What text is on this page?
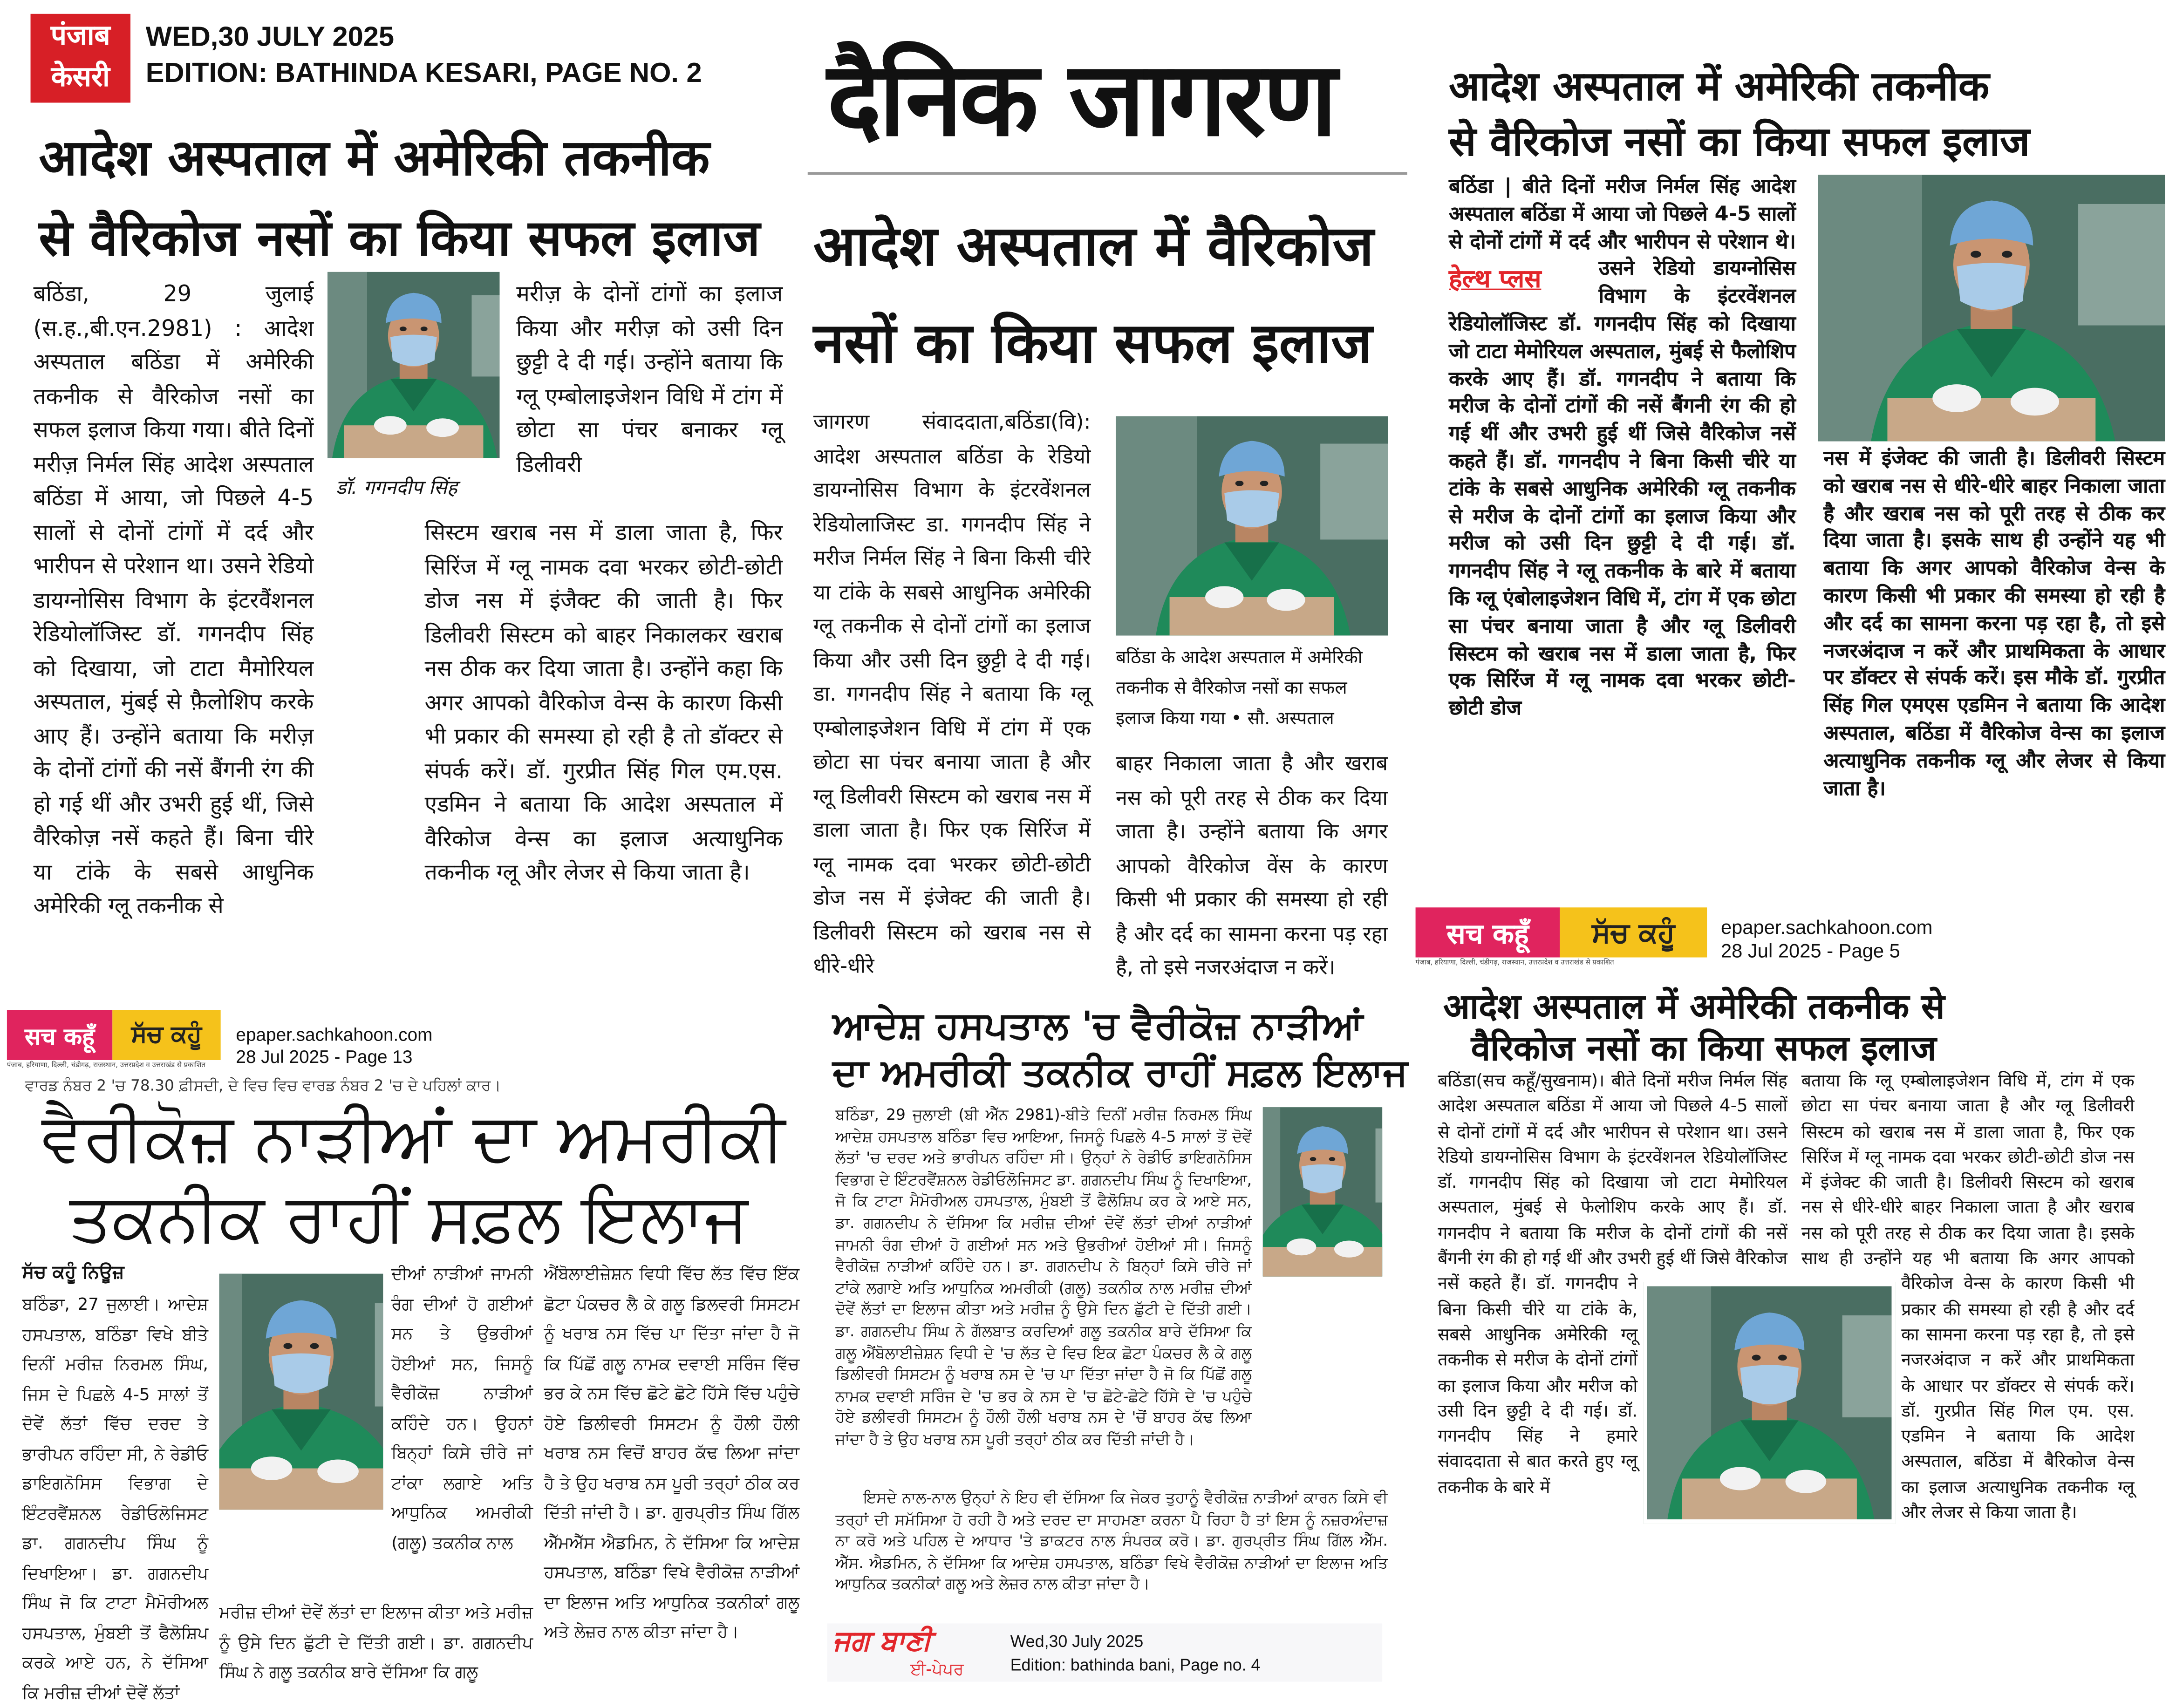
पंजाब
केसरी
WED,30 JULY 2025
EDITION: BATHINDA KESARI, PAGE NO. 2
आदेश अस्पताल में अमेरिकी तकनीक
से वैरिकोज नसों का किया सफल इलाज
बठिंडा, 29 जुलाई (स.ह.,बी.एन.2981) : आदेश अस्पताल बठिंडा में अमेरिकी तकनीक से वैरिकोज नसों का सफल इलाज किया गया। बीते दिनों मरीज़ निर्मल सिंह आदेश अस्पताल बठिंडा में आया, जो पिछले 4-5 सालों से दोनों टांगों में दर्द और भारीपन से परेशान था। उसने रेडियो डायग्नोसिस विभाग के इंटरवैंशनल रेडियोलॉजिस्ट डॉ. गगनदीप सिंह को दिखाया, जो टाटा मैमोरियल अस्पताल, मुंबई से फ़ैलोशिप करके आए हैं। उन्होंने बताया कि मरीज़ के दोनों टांगों की नसें बैंगनी रंग की हो गई थीं और उभरी हुई थीं, जिसे वैरिकोज़ नसें कहते हैं। बिना चीरे या टांके के सबसे आधुनिक अमेरिकी ग्लू तकनीक से
डॉ. गगनदीप सिंह
मरीज़ के दोनों टांगों का इलाज किया और मरीज़ को उसी दिन छुट्टी दे दी गई। उन्होंने बताया कि ग्लू एम्बोलाइजेशन विधि में टांग में छोटा सा पंचर बनाकर ग्लू डिलीवरी
सिस्टम खराब नस में डाला जाता है, फिर सिरिंज में ग्लू नामक दवा भरकर छोटी-छोटी डोज नस में इंजैक्ट की जाती है। फिर डिलीवरी सिस्टम को बाहर निकालकर खराब नस ठीक कर दिया जाता है। उन्होंने कहा कि अगर आपको वैरिकोज वेन्स के कारण किसी भी प्रकार की समस्या हो रही है तो डॉक्टर से संपर्क करें। डॉ. गुरप्रीत सिंह गिल एम.एस. एडमिन ने बताया कि आदेश अस्पताल में वैरिकोज वेन्स का इलाज अत्याधुनिक तकनीक ग्लू और लेजर से किया जाता है।
दैनिक जागरण
आदेश अस्पताल में वैरिकोज
नसों का किया सफल इलाज
जागरण संवाददाता,बठिंडा(वि): आदेश अस्पताल बठिंडा के रेडियो डायग्नोसिस विभाग के इंटरवेंशनल रेडियोलाजिस्ट डा. गगनदीप सिंह ने मरीज निर्मल सिंह ने बिना किसी चीरे या टांके के सबसे आधुनिक अमेरिकी ग्लू तकनीक से दोनों टांगों का इलाज किया और उसी दिन छुट्टी दे दी गई। डा. गगनदीप सिंह ने बताया कि ग्लू एम्बोलाइजेशन विधि में टांग में एक छोटा सा पंचर बनाया जाता है और ग्लू डिलीवरी सिस्टम को खराब नस में डाला जाता है। फिर एक सिरिंज में ग्लू नामक दवा भरकर छोटी-छोटी डोज नस में इंजेक्ट की जाती है। डिलीवरी सिस्टम को खराब नस से धीरे-धीरे
बठिंडा के आदेश अस्पताल में अमेरिकी तकनीक से वैरिकोज नसों का सफल इलाज किया गया • सौ. अस्पताल
बाहर निकाला जाता है और खराब नस को पूरी तरह से ठीक कर दिया जाता है। उन्होंने बताया कि अगर आपको वैरिकोज वेंस के कारण किसी भी प्रकार की समस्या हो रही है और दर्द का सामना करना पड़ रहा है, तो इसे नजरअंदाज न करें।
आदेश अस्पताल में अमेरिकी तकनीक
से वैरिकोज नसों का किया सफल इलाज
हेल्थ प्लस
बठिंडा | बीते दिनों मरीज निर्मल सिंह आदेश अस्पताल बठिंडा में आया जो पिछले 4-5 सालों से दोनों टांगों में दर्द और भारीपन से परेशान थे। उसने रेडियो डायग्नोसिस विभाग के इंटरवेंशनल रेडियोलॉजिस्ट डॉ. गगनदीप सिंह को दिखाया जो टाटा मेमोरियल अस्पताल, मुंबई से फैलोशिप करके आए हैं। डॉ. गगनदीप ने बताया कि मरीज के दोनों टांगों की नसें बैंगनी रंग की हो गई थीं और उभरी हुई थीं जिसे वैरिकोज नसें कहते हैं। डॉ. गगनदीप ने बिना किसी चीरे या टांके के सबसे आधुनिक अमेरिकी ग्लू तकनीक से मरीज के दोनों टांगों का इलाज किया और मरीज को उसी दिन छुट्टी दे दी गई। डॉ. गगनदीप सिंह ने ग्लू तकनीक के बारे में बताया कि ग्लू एंबोलाइजेशन विधि में, टांग में एक छोटा सा पंचर बनाया जाता है और ग्लू डिलीवरी सिस्टम को खराब नस में डाला जाता है, फिर एक सिरिंज में ग्लू नामक दवा भरकर छोटी-छोटी डोज
नस में इंजेक्ट की जाती है। डिलीवरी सिस्टम को खराब नस से धीरे-धीरे बाहर निकाला जाता है और खराब नस को पूरी तरह से ठीक कर दिया जाता है। इसके साथ ही उन्होंने यह भी बताया कि अगर आपको वैरिकोज वेन्स के कारण किसी भी प्रकार की समस्या हो रही है और दर्द का सामना करना पड़ रहा है, तो इसे नजरअंदाज न करें और प्राथमिकता के आधार पर डॉक्टर से संपर्क करें। इस मौके डॉ. गुरप्रीत सिंह गिल एमएस एडमिन ने बताया कि आदेश अस्पताल, बठिंडा में वैरिकोज वेन्स का इलाज अत्याधुनिक तकनीक ग्लू और लेजर से किया जाता है।
सच कहूँ	ਸੱਚ ਕਹੂੰ
पंजाब, हरियाणा, दिल्ली, चंडीगढ़, राजस्थान, उत्तरप्रदेश व उत्तराखंड से प्रकाशित
epaper.sachkahoon.com
28 Jul 2025 - Page 5
सच कहूँ	ਸੱਚ ਕਹੂੰ
पंजाब, हरियाणा, दिल्ली, चंडीगढ़, राजस्थान, उत्तरप्रदेश व उत्तराखंड से प्रकाशित
epaper.sachkahoon.com
28 Jul 2025 - Page 13
ਵਾਰਡ ਨੰਬਰ 2 'ਚ 78.30 ਫ਼ੀਸਦੀ, ਦੇ ਵਿਚ ਵਿਚ ਵਾਰਡ ਨੰਬਰ 2 'ਚ ਦੇ ਪਹਿਲਾਂ ਕਾਰ।
ਵੈਰੀਕੋਜ਼ ਨਾੜੀਆਂ ਦਾ ਅਮਰੀਕੀ
ਤਕਨੀਕ ਰਾਹੀਂ ਸਫ਼ਲ ਇਲਾਜ
ਸੱਚ ਕਹੂੰ ਨਿਊਜ਼
ਬਠਿੰਡਾ, 27 ਜੁਲਾਈ। ਆਦੇਸ਼ ਹਸਪਤਾਲ, ਬਠਿੰਡਾ ਵਿਖੇ ਬੀਤੇ ਦਿਨੀਂ ਮਰੀਜ਼ ਨਿਰਮਲ ਸਿੰਘ, ਜਿਸ ਦੇ ਪਿਛਲੇ 4-5 ਸਾਲਾਂ ਤੋਂ ਦੋਵੇਂ ਲੱਤਾਂ ਵਿੱਚ ਦਰਦ ਤੇ ਭਾਰੀਪਨ ਰਹਿੰਦਾ ਸੀ, ਨੇ ਰੇਡੀਓ ਡਾਇਗਨੋਸਿਸ ਵਿਭਾਗ ਦੇ ਇੰਟਰਵੈਂਸ਼ਨਲ ਰੇਡੀਓਲੋਜਿਸਟ ਡਾ. ਗਗਨਦੀਪ ਸਿੰਘ ਨੂੰ ਦਿਖਾਇਆ। ਡਾ. ਗਗਨਦੀਪ ਸਿੰਘ ਜੋ ਕਿ ਟਾਟਾ ਮੈਮੋਰੀਅਲ ਹਸਪਤਾਲ, ਮੁੰਬਈ ਤੋਂ ਫੈਲੋਸ਼ਿਪ ਕਰਕੇ ਆਏ ਹਨ, ਨੇ ਦੱਸਿਆ ਕਿ ਮਰੀਜ਼ ਦੀਆਂ ਦੋਵੇਂ ਲੱਤਾਂ
ਦੀਆਂ ਨਾੜੀਆਂ ਜਾਮਨੀ ਰੰਗ ਦੀਆਂ ਹੋ ਗਈਆਂ ਸਨ ਤੇ ਉਭਰੀਆਂ ਹੋਈਆਂ ਸਨ, ਜਿਸਨੂੰ ਵੈਰੀਕੋਜ਼ ਨਾੜੀਆਂ ਕਹਿੰਦੇ ਹਨ। ਉਹਨਾਂ ਬਿਨ੍ਹਾਂ ਕਿਸੇ ਚੀਰੇ ਜਾਂ ਟਾਂਕਾ ਲਗਾਏ ਅਤਿ ਆਧੁਨਿਕ ਅਮਰੀਕੀ (ਗਲੂ) ਤਕਨੀਕ ਨਾਲ
ਮਰੀਜ਼ ਦੀਆਂ ਦੋਵੇਂ ਲੱਤਾਂ ਦਾ ਇਲਾਜ ਕੀਤਾ ਅਤੇ ਮਰੀਜ਼ ਨੂੰ ਉਸੇ ਦਿਨ ਛੁੱਟੀ ਦੇ ਦਿੱਤੀ ਗਈ। ਡਾ. ਗਗਨਦੀਪ ਸਿੰਘ ਨੇ ਗਲੂ ਤਕਨੀਕ ਬਾਰੇ ਦੱਸਿਆ ਕਿ ਗਲੂ
ਐਂਬੋਲਾਈਜ਼ੇਸ਼ਨ ਵਿਧੀ ਵਿੱਚ ਲੱਤ ਵਿੱਚ ਇੱਕ ਛੋਟਾ ਪੰਕਚਰ ਲੈ ਕੇ ਗਲੂ ਡਿਲਵਰੀ ਸਿਸਟਮ ਨੂੰ ਖਰਾਬ ਨਸ ਵਿੱਚ ਪਾ ਦਿੱਤਾ ਜਾਂਦਾ ਹੈ ਜੋ ਕਿ ਪਿੱਛੋਂ ਗਲੂ ਨਾਮਕ ਦਵਾਈ ਸਰਿੰਜ ਵਿੱਚ ਭਰ ਕੇ ਨਸ ਵਿੱਚ ਛੋਟੇ ਛੋਟੇ ਹਿੱਸੇ ਵਿੱਚ ਪਹੁੰਚੇ ਹੋਏ ਡਿਲੀਵਰੀ ਸਿਸਟਮ ਨੂੰ ਹੌਲੀ ਹੌਲੀ ਖਰਾਬ ਨਸ ਵਿਚੋਂ ਬਾਹਰ ਕੱਢ ਲਿਆ ਜਾਂਦਾ ਹੈ ਤੇ ਉਹ ਖਰਾਬ ਨਸ ਪੂਰੀ ਤਰ੍ਹਾਂ ਠੀਕ ਕਰ ਦਿੱਤੀ ਜਾਂਦੀ ਹੈ। ਡਾ. ਗੁਰਪ੍ਰੀਤ ਸਿੰਘ ਗਿੱਲ ਐੱਮਐੱਸ ਐਡਮਿਨ, ਨੇ ਦੱਸਿਆ ਕਿ ਆਦੇਸ਼ ਹਸਪਤਾਲ, ਬਠਿੰਡਾ ਵਿਖੇ ਵੈਰੀਕੋਜ਼ ਨਾੜੀਆਂ ਦਾ ਇਲਾਜ ਅਤਿ ਆਧੁਨਿਕ ਤਕਨੀਕਾਂ ਗਲੂ ਅਤੇ ਲੇਜ਼ਰ ਨਾਲ ਕੀਤਾ ਜਾਂਦਾ ਹੈ।
ਆਦੇਸ਼ ਹਸਪਤਾਲ 'ਚ ਵੈਰੀਕੋਜ਼ ਨਾੜੀਆਂ
ਦਾ ਅਮਰੀਕੀ ਤਕਨੀਕ ਰਾਹੀਂ ਸਫ਼ਲ ਇਲਾਜ
ਬਠਿੰਡਾ, 29 ਜੁਲਾਈ (ਬੀ ਐੱਨ 2981)-ਬੀਤੇ ਦਿਨੀਂ ਮਰੀਜ਼ ਨਿਰਮਲ ਸਿੰਘ ਆਦੇਸ਼ ਹਸਪਤਾਲ ਬਠਿੰਡਾ ਵਿਚ ਆਇਆ, ਜਿਸਨੂੰ ਪਿਛਲੇ 4-5 ਸਾਲਾਂ ਤੋਂ ਦੋਵੇਂ ਲੱਤਾਂ 'ਚ ਦਰਦ ਅਤੇ ਭਾਰੀਪਨ ਰਹਿੰਦਾ ਸੀ। ਉਨ੍ਹਾਂ ਨੇ ਰੇਡੀਓ ਡਾਇਗਨੋਸਿਸ ਵਿਭਾਗ ਦੇ ਇੰਟਰਵੈਂਸ਼ਨਲ ਰੇਡੀਓਲੋਜਿਸਟ ਡਾ. ਗਗਨਦੀਪ ਸਿੰਘ ਨੂੰ ਦਿਖਾਇਆ, ਜੋ ਕਿ ਟਾਟਾ ਮੈਮੋਰੀਅਲ ਹਸਪਤਾਲ, ਮੁੰਬਈ ਤੋਂ ਫੈਲੋਸ਼ਿਪ ਕਰ ਕੇ ਆਏ ਸਨ, ਡਾ. ਗਗਨਦੀਪ ਨੇ ਦੱਸਿਆ ਕਿ ਮਰੀਜ਼ ਦੀਆਂ ਦੋਵੇਂ ਲੱਤਾਂ ਦੀਆਂ ਨਾੜੀਆਂ ਜਾਮਨੀ ਰੰਗ ਦੀਆਂ ਹੋ ਗਈਆਂ ਸਨ ਅਤੇ ਉਭਰੀਆਂ ਹੋਈਆਂ ਸੀ। ਜਿਸਨੂੰ ਵੈਰੀਕੋਜ਼ ਨਾੜੀਆਂ ਕਹਿੰਦੇ ਹਨ। ਡਾ. ਗਗਨਦੀਪ ਨੇ ਬਿਨ੍ਹਾਂ ਕਿਸੇ ਚੀਰੇ ਜਾਂ ਟਾਂਕੇ ਲਗਾਏ ਅਤਿ ਆਧੁਨਿਕ ਅਮਰੀਕੀ (ਗਲੂ) ਤਕਨੀਕ ਨਾਲ ਮਰੀਜ਼ ਦੀਆਂ ਦੋਵੇਂ ਲੱਤਾਂ ਦਾ ਇਲਾਜ ਕੀਤਾ ਅਤੇ ਮਰੀਜ਼ ਨੂੰ ਉਸੇ ਦਿਨ ਛੁੱਟੀ ਦੇ ਦਿੱਤੀ ਗਈ। ਡਾ. ਗਗਨਦੀਪ ਸਿੰਘ ਨੇ ਗੱਲਬਾਤ ਕਰਦਿਆਂ ਗਲੂ ਤਕਨੀਕ ਬਾਰੇ ਦੱਸਿਆ ਕਿ ਗਲੂ ਐਂਬੋਲਾਈਜ਼ੇਸ਼ਨ ਵਿਧੀ ਦੇ 'ਚ ਲੱਤ ਦੇ ਵਿਚ ਇਕ ਛੋਟਾ ਪੰਕਚਰ ਲੈ ਕੇ ਗਲੂ ਡਿਲੀਵਰੀ ਸਿਸਟਮ ਨੂੰ ਖਰਾਬ ਨਸ ਦੇ 'ਚ ਪਾ ਦਿੱਤਾ ਜਾਂਦਾ ਹੈ ਜੋ ਕਿ ਪਿੱਛੋਂ ਗਲੂ ਨਾਮਕ ਦਵਾਈ ਸਰਿੰਜ ਦੇ 'ਚ ਭਰ ਕੇ ਨਸ ਦੇ 'ਚ ਛੋਟੇ-ਛੋਟੇ ਹਿੱਸੇ ਦੇ 'ਚ ਪਹੁੰਚੇ ਹੋਏ ਡਲੀਵਰੀ ਸਿਸਟਮ ਨੂੰ ਹੌਲੀ ਹੌਲੀ ਖਰਾਬ ਨਸ ਦੇ 'ਚੋਂ ਬਾਹਰ ਕੱਢ ਲਿਆ ਜਾਂਦਾ ਹੈ ਤੇ ਉਹ ਖਰਾਬ ਨਸ ਪੂਰੀ ਤਰ੍ਹਾਂ ਠੀਕ ਕਰ ਦਿੱਤੀ ਜਾਂਦੀ ਹੈ।
ਇਸਦੇ ਨਾਲ-ਨਾਲ ਉਨ੍ਹਾਂ ਨੇ ਇਹ ਵੀ ਦੱਸਿਆ ਕਿ ਜੇਕਰ ਤੁਹਾਨੂੰ ਵੈਰੀਕੋਜ਼ ਨਾੜੀਆਂ ਕਾਰਨ ਕਿਸੇ ਵੀ ਤਰ੍ਹਾਂ ਦੀ ਸਮੱਸਿਆ ਹੋ ਰਹੀ ਹੈ ਅਤੇ ਦਰਦ ਦਾ ਸਾਹਮਣਾ ਕਰਨਾ ਪੈ ਰਿਹਾ ਹੈ ਤਾਂ ਇਸ ਨੂੰ ਨਜ਼ਰਅੰਦਾਜ਼ ਨਾ ਕਰੋ ਅਤੇ ਪਹਿਲ ਦੇ ਆਧਾਰ 'ਤੇ ਡਾਕਟਰ ਨਾਲ ਸੰਪਰਕ ਕਰੋ। ਡਾ. ਗੁਰਪ੍ਰੀਤ ਸਿੰਘ ਗਿੱਲ ਐੱਮ. ਐੱਸ. ਐਡਮਿਨ, ਨੇ ਦੱਸਿਆ ਕਿ ਆਦੇਸ਼ ਹਸਪਤਾਲ, ਬਠਿੰਡਾ ਵਿਖੇ ਵੈਰੀਕੋਜ਼ ਨਾੜੀਆਂ ਦਾ ਇਲਾਜ ਅਤਿ ਆਧੁਨਿਕ ਤਕਨੀਕਾਂ ਗਲੂ ਅਤੇ ਲੇਜ਼ਰ ਨਾਲ ਕੀਤਾ ਜਾਂਦਾ ਹੈ।
ਜਗ ਬਾਣੀ
ਈ-ਪੇਪਰ
Wed,30 July 2025
Edition: bathinda bani, Page no. 4
आदेश अस्पताल में अमेरिकी तकनीक से
वैरिकोज नसों का किया सफल इलाज
बठिंडा(सच कहूँ/सुखनाम)। बीते दिनों मरीज निर्मल सिंह आदेश अस्पताल बठिंडा में आया जो पिछले 4-5 सालों से दोनों टांगों में दर्द और भारीपन से परेशान था। उसने रेडियो डायग्नोसिस विभाग के इंटरवेंशनल रेडियोलॉजिस्ट डॉ. गगनदीप सिंह को दिखाया जो टाटा मेमोरियल अस्पताल, मुंबई से फेलोशिप करके आए हैं। डॉ. गगनदीप ने बताया कि मरीज के दोनों टांगों की नसें बैंगनी रंग की हो गई थीं और उभरी हुई थीं जिसे वैरिकोज नसें कहते हैं। डॉ. गगनदीप ने बिना किसी चीरे या टांके के, सबसे आधुनिक अमेरिकी ग्लू तकनीक से मरीज के दोनों टांगों का इलाज किया और मरीज को उसी दिन छुट्टी दे दी गई। डॉ. गगनदीप सिंह ने हमारे संवाददाता से बात करते हुए ग्लू तकनीक के बारे में
बताया कि ग्लू एम्बोलाइजेशन विधि में, टांग में एक छोटा सा पंचर बनाया जाता है और ग्लू डिलीवरी सिस्टम को खराब नस में डाला जाता है, फिर एक सिरिंज में ग्लू नामक दवा भरकर छोटी-छोटी डोज नस में इंजेक्ट की जाती है। डिलीवरी सिस्टम को खराब नस से धीरे-धीरे बाहर निकाला जाता है और खराब नस को पूरी तरह से ठीक कर दिया जाता है। इसके साथ ही उन्होंने यह भी बताया कि अगर आपको वैरिकोज वेन्स के कारण किसी भी प्रकार की समस्या हो रही है और दर्द का सामना करना पड़ रहा है, तो इसे नजरअंदाज न करें और प्राथमिकता के आधार पर डॉक्टर से संपर्क करें। डॉ. गुरप्रीत सिंह गिल एम. एस. एडमिन ने बताया कि आदेश अस्पताल, बठिंडा में बैरिकोज वेन्स का इलाज अत्याधुनिक तकनीक ग्लू और लेजर से किया जाता है।
